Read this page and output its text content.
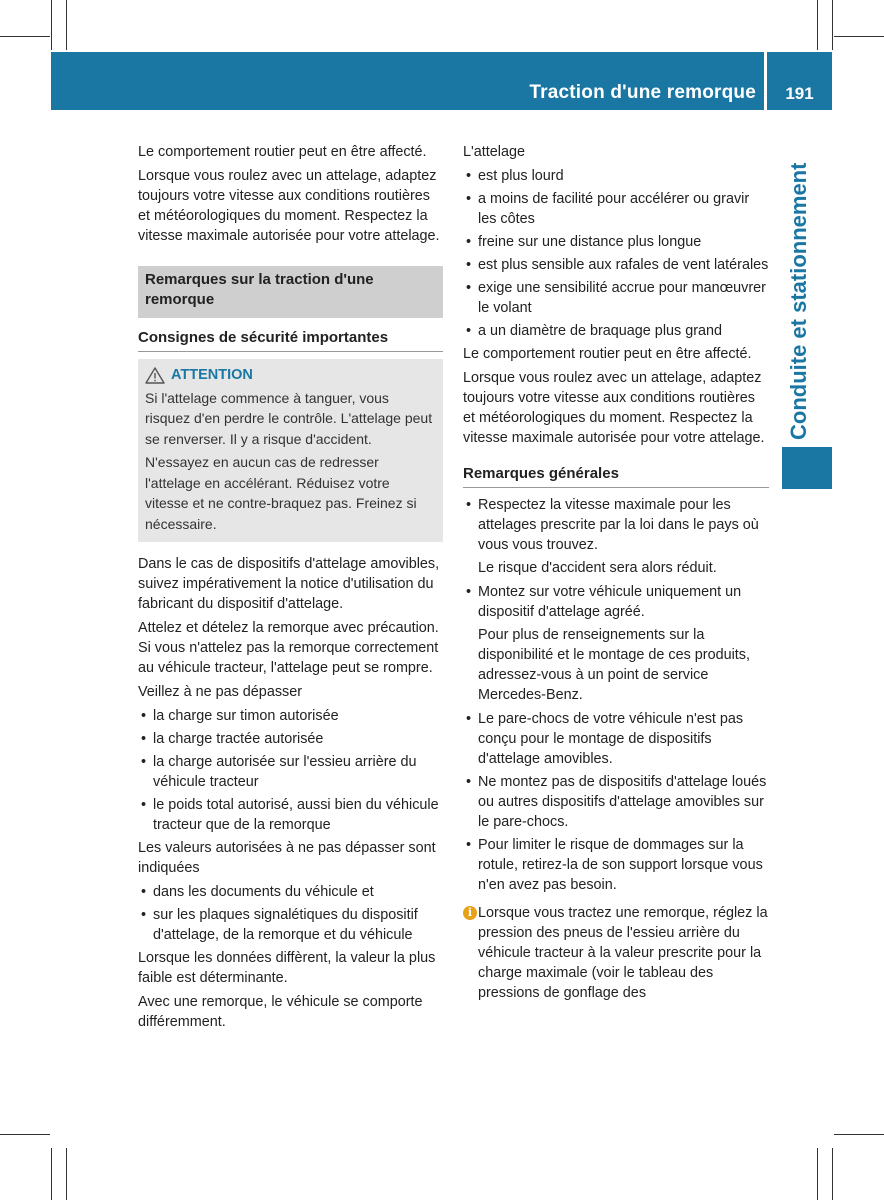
Traction d'une remorque	191
Conduite et stationnement

Le comportement routier peut en être affecté.

Lorsque vous roulez avec un attelage, adaptez toujours votre vitesse aux conditions routières et météorologiques du moment. Respectez la vitesse maximale autorisée pour votre attelage.

Remarques sur la traction d'une remorque
Consignes de sécurité importantes
ATTENTION

Si l'attelage commence à tanguer, vous risquez d'en perdre le contrôle. L'attelage peut se renverser. Il y a risque d'accident.

N'essayez en aucun cas de redresser l'attelage en accélérant. Réduisez votre vitesse et ne contre-braquez pas. Freinez si nécessaire.

Dans le cas de dispositifs d'attelage amovibles, suivez impérativement la notice d'utilisation du fabricant du dispositif d'attelage.

Attelez et dételez la remorque avec précaution. Si vous n'attelez pas la remorque correctement au véhicule tracteur, l'attelage peut se rompre.

Veillez à ne pas dépasser

• la charge sur timon autorisée
• la charge tractée autorisée
• la charge autorisée sur l'essieu arrière du véhicule tracteur
• le poids total autorisé, aussi bien du véhicule tracteur que de la remorque

Les valeurs autorisées à ne pas dépasser sont indiquées

• dans les documents du véhicule et
• sur les plaques signalétiques du dispositif d'attelage, de la remorque et du véhicule

Lorsque les données diffèrent, la valeur la plus faible est déterminante.

Avec une remorque, le véhicule se comporte différemment.

L'attelage

• est plus lourd
• a moins de facilité pour accélérer ou gravir les côtes
• freine sur une distance plus longue
• est plus sensible aux rafales de vent latérales
• exige une sensibilité accrue pour manœuvrer le volant
• a un diamètre de braquage plus grand

Le comportement routier peut en être affecté.

Lorsque vous roulez avec un attelage, adaptez toujours votre vitesse aux conditions routières et météorologiques du moment. Respectez la vitesse maximale autorisée pour votre attelage.

Remarques générales
• Respectez la vitesse maximale pour les attelages prescrite par la loi dans le pays où vous vous trouvez.

Le risque d'accident sera alors réduit.

• Montez sur votre véhicule uniquement un dispositif d'attelage agréé.

Pour plus de renseignements sur la disponibilité et le montage de ces produits, adressez-vous à un point de service Mercedes-Benz.

• Le pare-chocs de votre véhicule n'est pas conçu pour le montage de dispositifs d'attelage amovibles.
• Ne montez pas de dispositifs d'attelage loués ou autres dispositifs d'attelage amovibles sur le pare-chocs.
• Pour limiter le risque de dommages sur la rotule, retirez-la de son support lorsque vous n'en avez pas besoin.
i Lorsque vous tractez une remorque, réglez la pression des pneus de l'essieu arrière du véhicule tracteur à la valeur prescrite pour la charge maximale (voir le tableau des pressions de gonflage des
